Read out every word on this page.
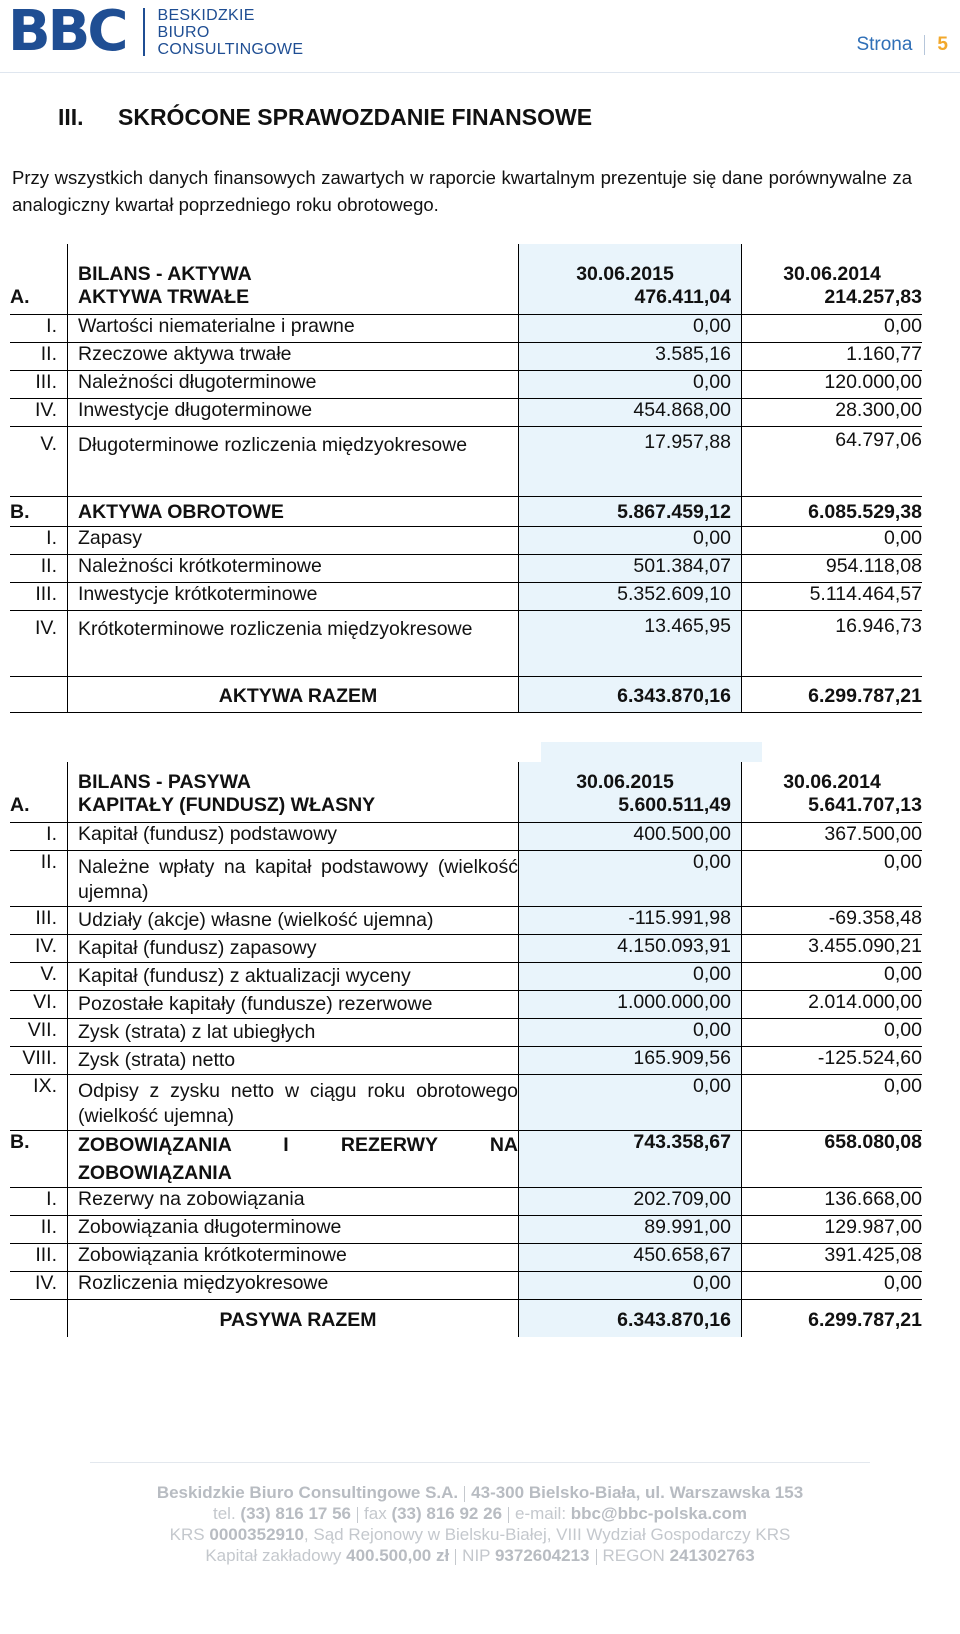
BBC BESKIDZKIE
BIURO
CONSULTINGOWE	Strona 5
III. SKRÓCONE SPRAWOZDANIE FINANSOWE
Przy wszystkich danych finansowych zawartych w raporcie kwartalnym prezentuje się dane porównywalne za analogiczny kwartał poprzedniego roku obrotowego.
	BILANS - AKTYWA	30.06.2015	30.06.2014
A.	AKTYWA TRWAŁE	476.411,04	214.257,83
I.	Wartości niematerialne i prawne	0,00	0,00
II.	Rzeczowe aktywa trwałe	3.585,16	1.160,77
III.	Należności długoterminowe	0,00	120.000,00
IV.	Inwestycje długoterminowe	454.868,00	28.300,00
V.	Długoterminowe rozliczenia międzyokresowe	17.957,88	64.797,06
B.	AKTYWA OBROTOWE	5.867.459,12	6.085.529,38
I.	Zapasy	0,00	0,00
II.	Należności krótkoterminowe	501.384,07	954.118,08
III.	Inwestycje krótkoterminowe	5.352.609,10	5.114.464,57
IV.	Krótkoterminowe rozliczenia międzyokresowe	13.465,95	16.946,73
	AKTYWA RAZEM	6.343.870,16	6.299.787,21
	BILANS - PASYWA	30.06.2015	30.06.2014
A.	KAPITAŁY (FUNDUSZ) WŁASNY	5.600.511,49	5.641.707,13
I.	Kapitał (fundusz) podstawowy	400.500,00	367.500,00
II.	Należne wpłaty na kapitał podstawowy (wielkość ujemna)	0,00	0,00
III.	Udziały (akcje) własne (wielkość ujemna)	-115.991,98	-69.358,48
IV.	Kapitał (fundusz) zapasowy	4.150.093,91	3.455.090,21
V.	Kapitał (fundusz) z aktualizacji wyceny	0,00	0,00
VI.	Pozostałe kapitały (fundusze) rezerwowe	1.000.000,00	2.014.000,00
VII.	Zysk (strata) z lat ubiegłych	0,00	0,00
VIII.	Zysk (strata) netto	165.909,56	-125.524,60
IX.	Odpisy z zysku netto w ciągu roku obrotowego (wielkość ujemna)	0,00	0,00
B.	ZOBOWIĄZANIA I REZERWY NA ZOBOWIĄZANIA	743.358,67	658.080,08
I.	Rezerwy na zobowiązania	202.709,00	136.668,00
II.	Zobowiązania długoterminowe	89.991,00	129.987,00
III.	Zobowiązania krótkoterminowe	450.658,67	391.425,08
IV.	Rozliczenia międzyokresowe	0,00	0,00
	PASYWA RAZEM	6.343.870,16	6.299.787,21
Beskidzkie Biuro Consultingowe S.A. 43-300 Bielsko-Biała, ul. Warszawska 153
tel. (33) 816 17 56 fax (33) 816 92 26 e-mail: bbc@bbc-polska.com
KRS 0000352910, Sąd Rejonowy w Bielsku-Białej, VIII Wydział Gospodarczy KRS
Kapitał zakładowy 400.500,00 zł NIP 9372604213 REGON 241302763
